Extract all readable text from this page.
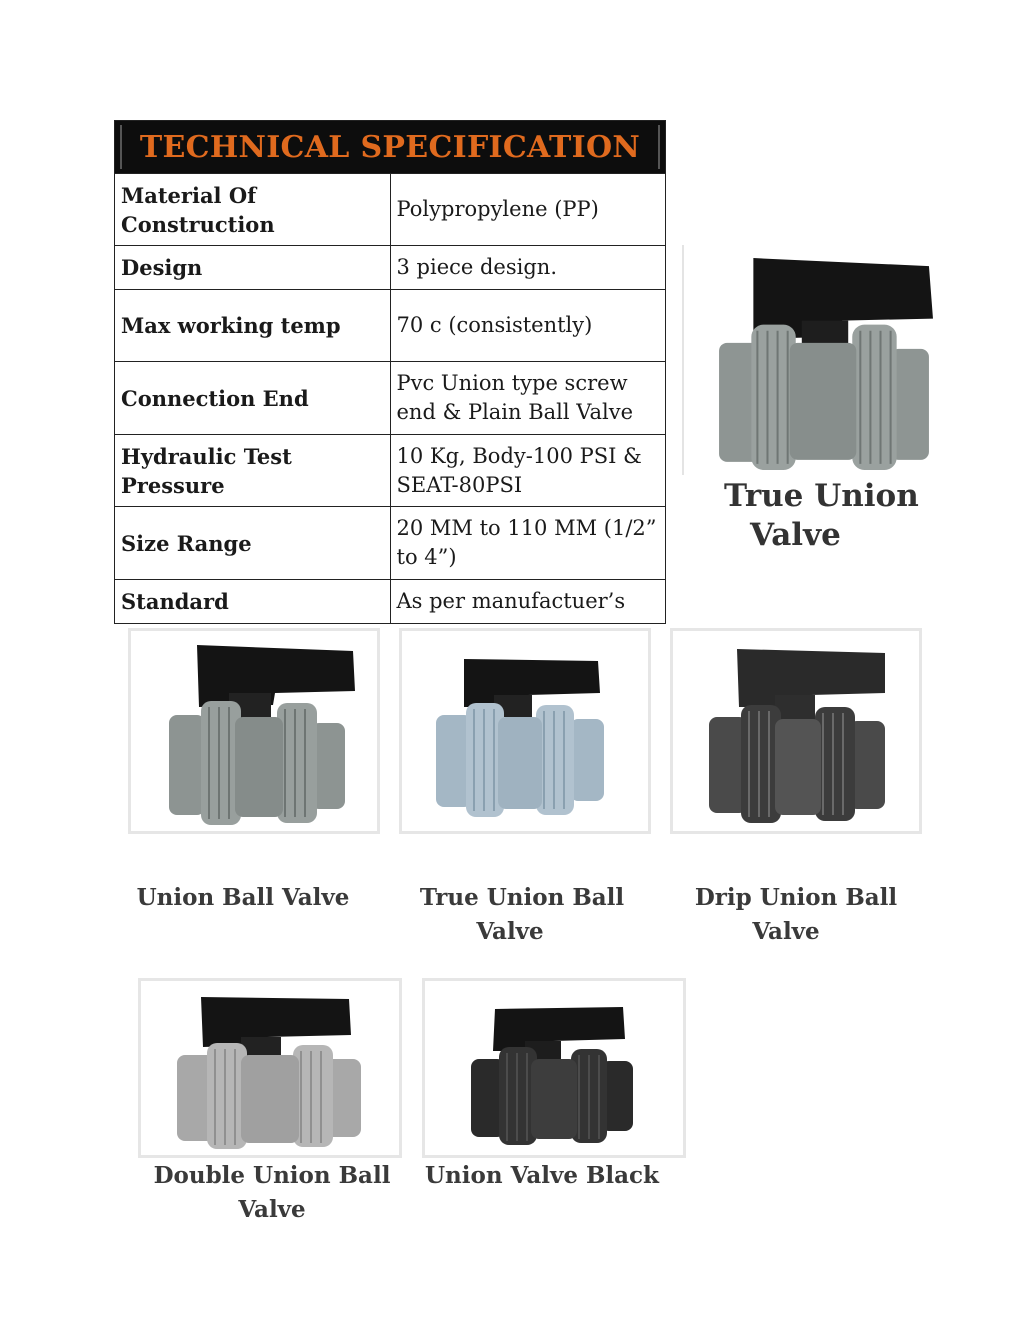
TECHNICAL SPECIFICATION	

Material Of Construction	Polypropylene (PP)
Design	3 piece design.
Max working temp	70 c (consistently)
Connection End	Pvc Union type screw end & Plain Ball Valve
Hydraulic Test Pressure	10 Kg, Body-100 PSI & SEAT-80PSI
Size Range	20 MM to 110 MM (1/2” to 4”)
Standard	As per manufactuer’s
True Union
Valve
Union Ball Valve	True Union Ball
Valve
Drip Union Ball
Valve
Double Union Ball Valve
Union Valve Black
